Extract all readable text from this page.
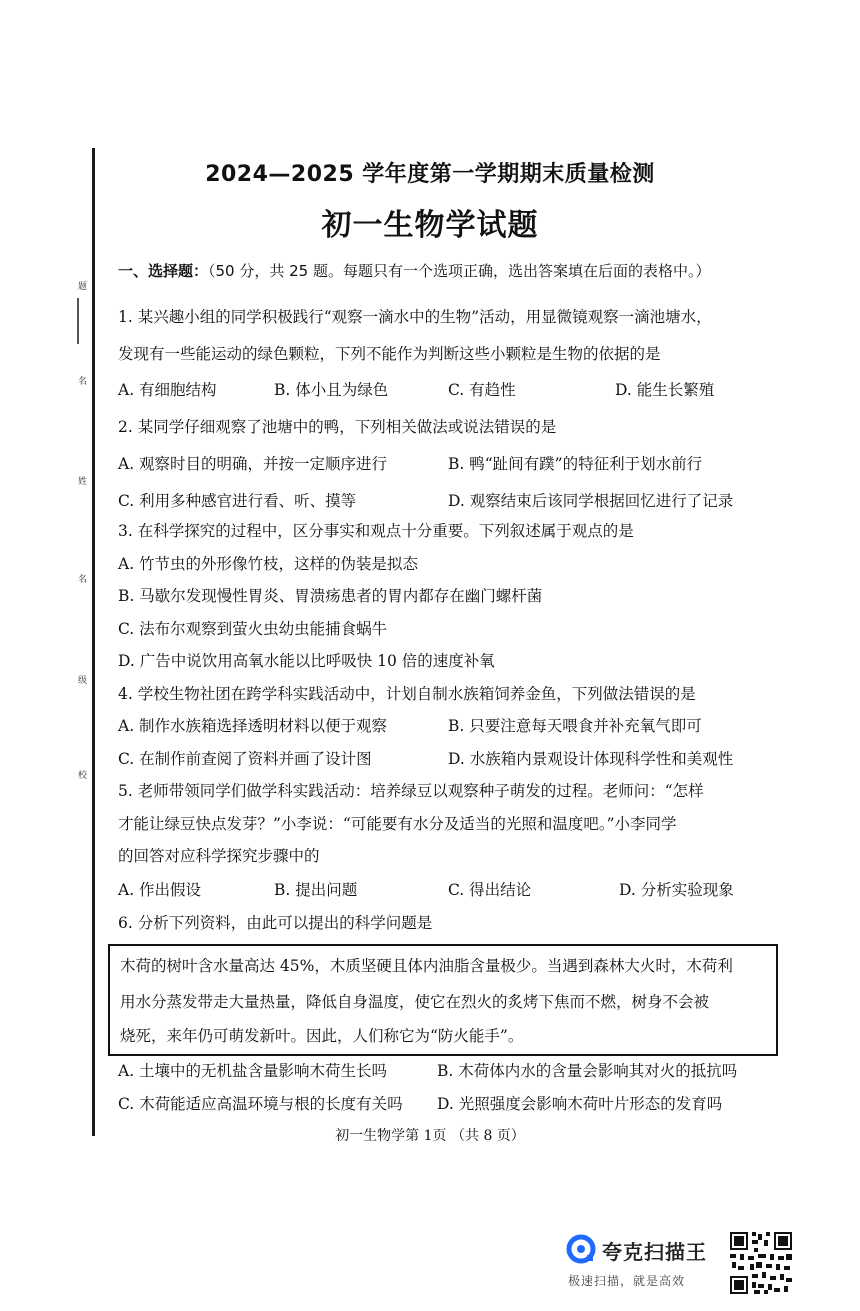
题
名
姓
名
级
校
2024—2025 学年度第一学期期末质量检测
初一生物学试题
一、选择题：（50 分，共 25 题。每题只有一个选项正确，选出答案填在后面的表格中。）
1. 某兴趣小组的同学积极践行“观察一滴水中的生物”活动，用显微镜观察一滴池塘水，
发现有一些能运动的绿色颗粒，下列不能作为判断这些小颗粒是生物的依据的是
A. 有细胞结构	B. 体小且为绿色	C. 有趋性	D. 能生长繁殖
2. 某同学仔细观察了池塘中的鸭，下列相关做法或说法错误的是
A. 观察时目的明确，并按一定顺序进行	B. 鸭“趾间有蹼”的特征利于划水前行
C. 利用多种感官进行看、听、摸等	D. 观察结束后该同学根据回忆进行了记录
3. 在科学探究的过程中，区分事实和观点十分重要。下列叙述属于观点的是
A. 竹节虫的外形像竹枝，这样的伪装是拟态
B. 马歇尔发现慢性胃炎、胃溃疡患者的胃内都存在幽门螺杆菌
C. 法布尔观察到萤火虫幼虫能捕食蜗牛
D. 广告中说饮用高氧水能以比呼吸快 10 倍的速度补氧
4. 学校生物社团在跨学科实践活动中，计划自制水族箱饲养金鱼，下列做法错误的是
A. 制作水族箱选择透明材料以便于观察	B. 只要注意每天喂食并补充氧气即可
C. 在制作前查阅了资料并画了设计图	D. 水族箱内景观设计体现科学性和美观性
5. 老师带领同学们做学科实践活动：培养绿豆以观察种子萌发的过程。老师问：“怎样
才能让绿豆快点发芽？”小李说：“可能要有水分及适当的光照和温度吧。”小李同学
的回答对应科学探究步骤中的
A. 作出假设	B. 提出问题	C. 得出结论	D. 分析实验现象
6. 分析下列资料，由此可以提出的科学问题是
木荷的树叶含水量高达 45%，木质坚硬且体内油脂含量极少。当遇到森林大火时，木荷利
用水分蒸发带走大量热量，降低自身温度，使它在烈火的炙烤下焦而不燃，树身不会被
烧死，来年仍可萌发新叶。因此，人们称它为“防火能手”。
A. 土壤中的无机盐含量影响木荷生长吗	B. 木荷体内水的含量会影响其对火的抵抗吗
C. 木荷能适应高温环境与根的长度有关吗 D. 光照强度会影响木荷叶片形态的发育吗
初一生物学第 1页 （共 8 页）
夸克扫描王
极速扫描，就是高效
